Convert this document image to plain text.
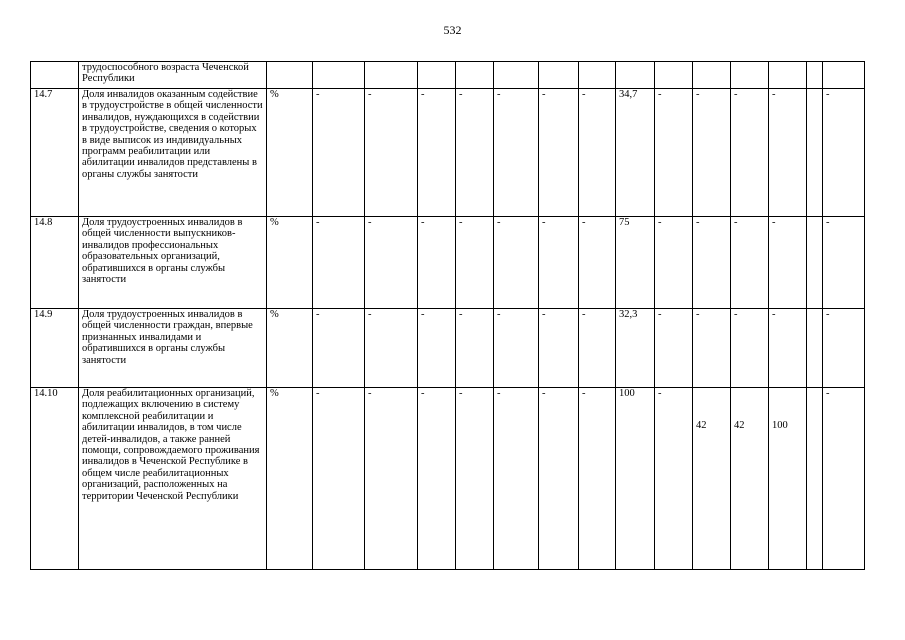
532
	трудоспособного возраста Чеченской Республики															
14.7	Доля инвалидов оказанным содействие в трудоустройстве в общей численности инвалидов, нуждающихся в содействии в трудоустройстве, сведения о которых в виде выписок из индивидуальных программ реабилитации или абилитации инвалидов представлены в органы службы занятости	%	-	-	-	-	-	-	-	34,7	-	-	-	-		-
14.8	Доля трудоустроенных инвалидов в общей численности выпускников-инвалидов профессиональных образовательных организаций, обратившихся в органы службы занятости	%	-	-	-	-	-	-	-	75	-	-	-	-		-
14.9	Доля трудоустроенных инвалидов в общей численности граждан, впервые признанных инвалидами и обратившихся в органы службы занятости	%	-	-	-	-	-	-	-	32,3	-	-	-	-		-
14.10	Доля реабилитационных организаций, подлежащих включению в систему комплексной реабилитации и абилитации инвалидов, в том числе детей-инвалидов, а также ранней помощи, сопровождаемого проживания инвалидов в Чеченской Республике в общем числе реабилитационных организаций, расположенных на территории Чеченской Республики	%	-	-	-	-	-	-	-	100	-	42	42	100		-
